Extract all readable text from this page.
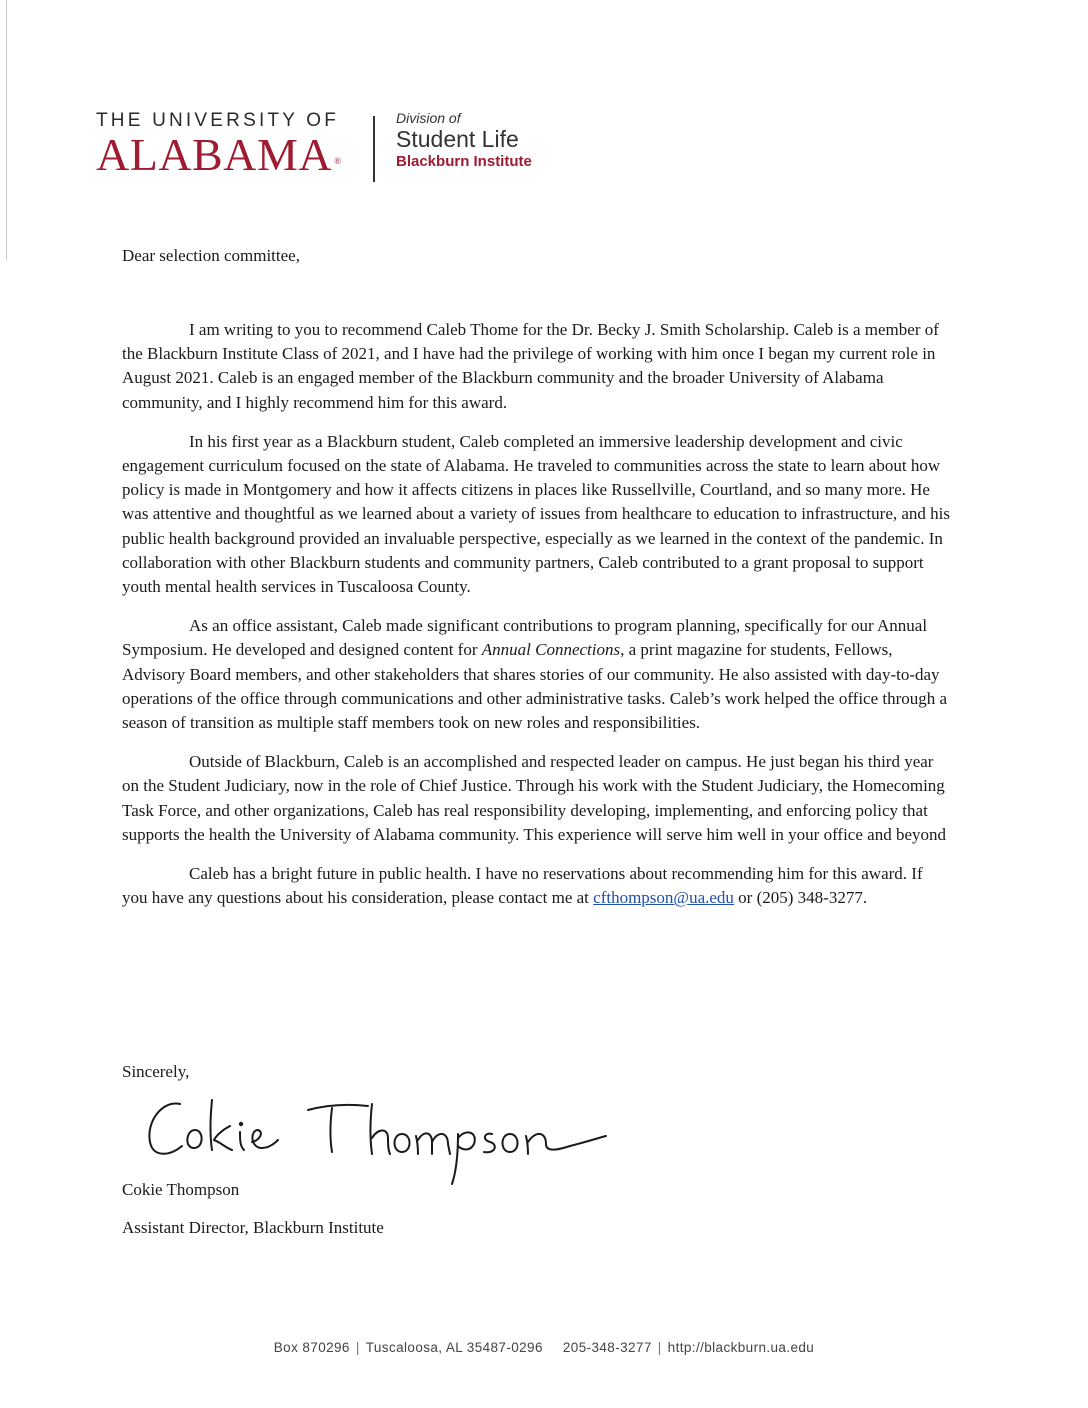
THE UNIVERSITY OF
ALABAMA ®
Division of
Student Life
Blackburn Institute
Dear selection committee,

I am writing to you to recommend Caleb Thome for the Dr. Becky J. Smith Scholarship. Caleb is a member of the Blackburn Institute Class of 2021, and I have had the privilege of working with him once I began my current role in August 2021. Caleb is an engaged member of the Blackburn community and the broader University of Alabama community, and I highly recommend him for this award.

In his first year as a Blackburn student, Caleb completed an immersive leadership development and civic engagement curriculum focused on the state of Alabama. He traveled to communities across the state to learn about how policy is made in Montgomery and how it affects citizens in places like Russellville, Courtland, and so many more. He was attentive and thoughtful as we learned about a variety of issues from healthcare to education to infrastructure, and his public health background provided an invaluable perspective, especially as we learned in the context of the pandemic. In collaboration with other Blackburn students and community partners, Caleb contributed to a grant proposal to support youth mental health services in Tuscaloosa County.

As an office assistant, Caleb made significant contributions to program planning, specifically for our Annual Symposium. He developed and designed content for Annual Connections, a print magazine for students, Fellows, Advisory Board members, and other stakeholders that shares stories of our community. He also assisted with day-to-day operations of the office through communications and other administrative tasks. Caleb’s work helped the office through a season of transition as multiple staff members took on new roles and responsibilities.

Outside of Blackburn, Caleb is an accomplished and respected leader on campus. He just began his third year on the Student Judiciary, now in the role of Chief Justice. Through his work with the Student Judiciary, the Homecoming Task Force, and other organizations, Caleb has real responsibility developing, implementing, and enforcing policy that supports the health the University of Alabama community. This experience will serve him well in your office and beyond

Caleb has a bright future in public health. I have no reservations about recommending him for this award. If you have any questions about his consideration, please contact me at cfthompson@ua.edu or (205) 348-3277.

Sincerely,
Cokie Thompson
Assistant Director, Blackburn Institute
Box 870296 | Tuscaloosa, AL 35487-0296 205-348-3277 | http://blackburn.ua.edu
